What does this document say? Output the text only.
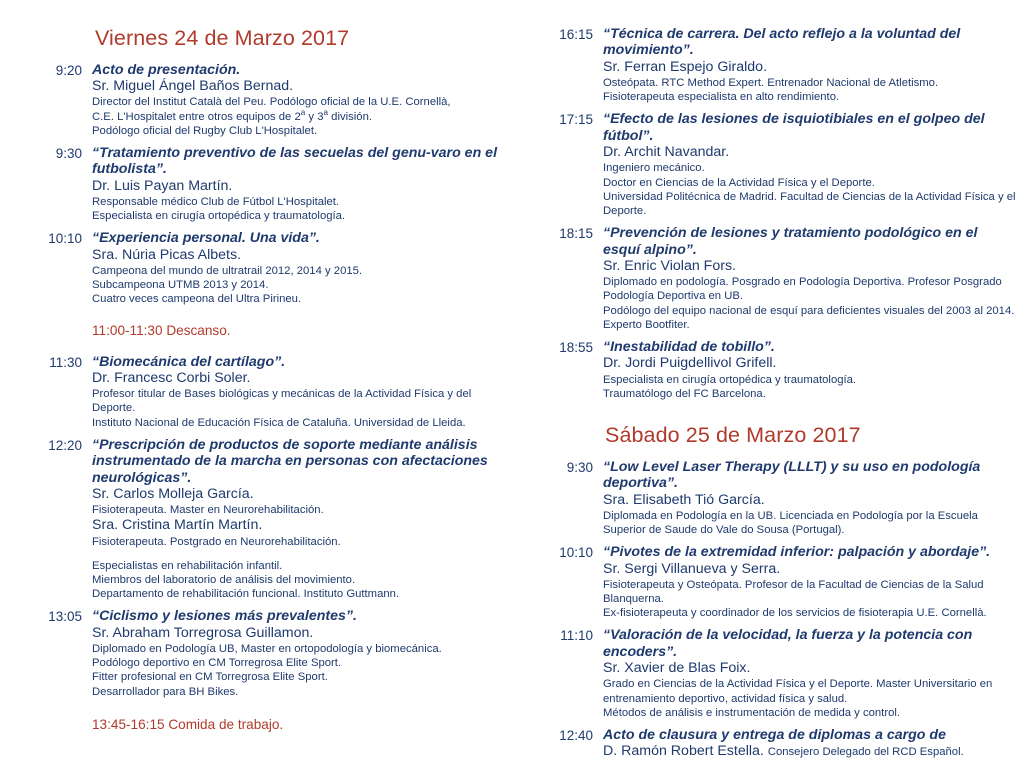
Viernes 24 de Marzo 2017
9:20 Acto de presentación.

Sr. Miguel Ángel Baños Bernad.

Director del Institut Català del Peu. Podólogo oficial de la U.E. Cornellà,

C.E. L'Hospitalet entre otros equipos de 2$^a$ y 3$^a$ división.

Podólogo oficial del Rugby Club L'Hospitalet.

9:30 “Tratamiento preventivo de las secuelas del genu-varo en el futbolista”.

Dr. Luis Payan Martín.

Responsable médico Club de Fútbol L'Hospitalet.

Especialista en cirugía ortopédica y traumatología.

10:10 “Experiencia personal. Una vida”.

Sra. Núria Picas Albets.

Campeona del mundo de ultratrail 2012, 2014 y 2015.

Subcampeona UTMB 2013 y 2014.

Cuatro veces campeona del Ultra Pirineu.

11:00-11:30 Descanso.

11:30 “Biomecánica del cartílago”.

Dr. Francesc Corbi Soler.

Profesor titular de Bases biológicas y mecánicas de la Actividad Física y del Deporte.

Instituto Nacional de Educación Física de Cataluña. Universidad de Lleida.

12:20 “Prescripción de productos de soporte mediante análisis instrumentado de la marcha en personas con afectaciones neurológicas”.

Sr. Carlos Molleja García.

Fisioterapeuta. Master en Neurorehabilitación.

Sra. Cristina Martín Martín.

Fisioterapeuta. Postgrado en Neurorehabilitación.

Especialistas en rehabilitación infantil.

Miembros del laboratorio de análisis del movimiento.

Departamento de rehabilitación funcional. Instituto Guttmann.

13:05 “Ciclismo y lesiones más prevalentes”.

Sr. Abraham Torregrosa Guillamon.

Diplomado en Podología UB, Master en ortopodología y biomecánica.

Podólogo deportivo en CM Torregrosa Elite Sport.

Fitter profesional en CM Torregrosa Elite Sport.

Desarrollador para BH Bikes.

13:45-16:15 Comida de trabajo.

16:15 “Técnica de carrera. Del acto reflejo a la voluntad del movimiento”.

Sr. Ferran Espejo Giraldo.

Osteópata. RTC Method Expert. Entrenador Nacional de Atletismo.

Fisioterapeuta especialista en alto rendimiento.

17:15 “Efecto de las lesiones de isquiotibiales en el golpeo del fútbol”.

Dr. Archit Navandar.

Ingeniero mecánico.

Doctor en Ciencias de la Actividad Física y el Deporte.

Universidad Politécnica de Madrid. Facultad de Ciencias de la Actividad Física y el Deporte.

18:15 “Prevención de lesiones y tratamiento podológico en el esquí alpino”.

Sr. Enric Violan Fors.

Diplomado en podología. Posgrado en Podología Deportiva. Profesor Posgrado Podología Deportiva en UB.

Podólogo del equipo nacional de esquí para deficientes visuales del 2003 al 2014. Experto Bootfiter.

18:55 “Inestabilidad de tobillo”.

Dr. Jordi Puigdellivol Grifell.

Especialista en cirugía ortopédica y traumatología.

Traumatólogo del FC Barcelona.

Sábado 25 de Marzo 2017
9:30 “Low Level Laser Therapy (LLLT) y su uso en podología deportiva”.

Sra. Elisabeth Tió García.

Diplomada en Podología en la UB. Licenciada en Podología por la Escuela Superior de Saude do Vale do Sousa (Portugal).

10:10 “Pivotes de la extremidad inferior: palpación y abordaje”.

Sr. Sergi Villanueva y Serra.

Fisioterapeuta y Osteópata. Profesor de la Facultad de Ciencias de la Salud Blanquerna.

Ex-fisioterapeuta y coordinador de los servicios de fisioterapia U.E. Cornellà.

11:10 “Valoración de la velocidad, la fuerza y la potencia con encoders”.

Sr. Xavier de Blas Foix.

Grado en Ciencias de la Actividad Física y el Deporte. Master Universitario en entrenamiento deportivo, actividad física y salud.

Métodos de análisis e instrumentación de medida y control.

12:40 Acto de clausura y entrega de diplomas a cargo de

D. Ramón Robert Estella. Consejero Delegado del RCD Español.
